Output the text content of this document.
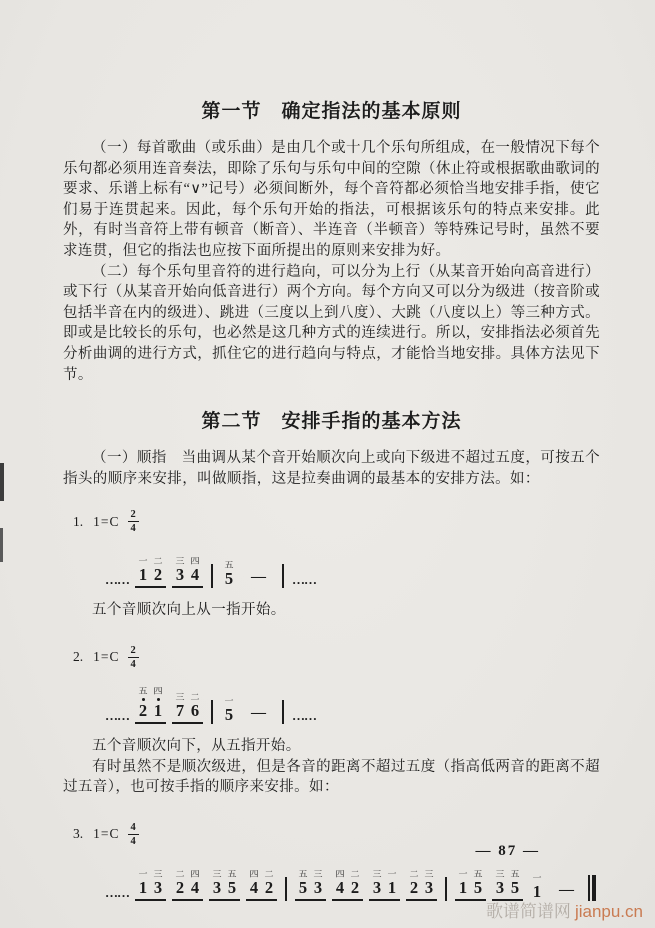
第一节　确定指法的基本原则

（一）每首歌曲（或乐曲）是由几个或十几个乐句所组成，在一般情况下每个乐句都必须用连音奏法，即除了乐句与乐句中间的空隙（休止符或根据歌曲歌词的要求、乐谱上标有“∨”记号）必须间断外，每个音符都必须恰当地安排手指，使它们易于连贯起来。因此，每个乐句开始的指法，可根据该乐句的特点来安排。此外，有时当音符上带有顿音（断音）、半连音（半顿音）等特殊记号时，虽然不要求连贯，但它的指法也应按下面所提出的原则来安排为好。

（二）每个乐句里音符的进行趋向，可以分为上行（从某音开始向高音进行）或下行（从某音开始向低音进行）两个方向。每个方向又可以分为级进（按音阶或包括半音在内的级进）、跳进（三度以上到八度）、大跳（八度以上）等三种方式。即或是比较长的乐句，也必然是这几种方式的连续进行。所以，安排指法必须首先分析曲调的进行方式，抓住它的进行趋向与特点，才能恰当地安排。具体方法见下节。

第二节　安排手指的基本方法

（一）顺指　当曲调从某个音开始顺次向上或向下级进不超过五度，可按五个指头的顺序来安排，叫做顺指，这是拉奏曲调的最基本的安排方法。如：

1. $1=C \frac{2}{4}$
……
一
1
二
2
三
3
四
4	五
5 — ……

五个音顺次向上从一指开始。

2. $1=C \frac{2}{4}$
……
五
2
四
1
三
7
二
6	一
5 — ……

五个音顺次向下，从五指开始。

有时虽然不是顺次级进，但是各音的距离不超过五度（指高低两音的距离不超过五音），也可按手指的顺序来安排。如：

3. $1=C \frac{4}{4}$
……
一
1
三
3
二
2
四
4
三
3
五
5
四
4
二
2
五
5
三
3
四
4
二
2
三
3
一
1
二
2
三
3
一
1
五
5
三
3
五
5 一
1 —
— 87 —
歌谱简谱网 jianpu.cn
